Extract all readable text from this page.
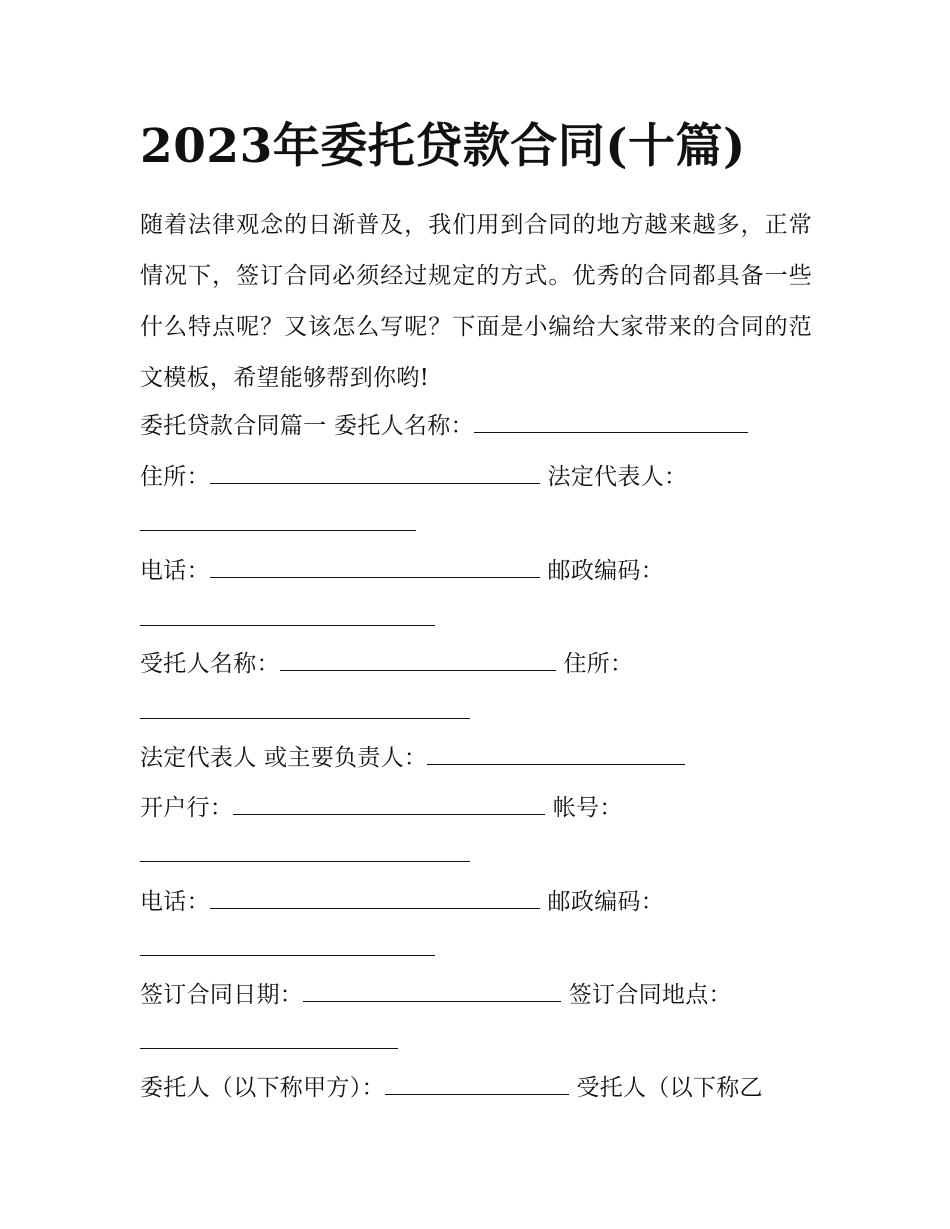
2023年委托贷款合同(十篇)
随着法律观念的日渐普及，我们用到合同的地方越来越多，正常情况下，签订合同必须经过规定的方式。优秀的合同都具备一些什么特点呢？又该怎么写呢？下面是小编给大家带来的合同的范文模板，希望能够帮到你哟!
委托贷款合同篇一 委托人名称：
住所：	法定代表人：
电话：	邮政编码：
受托人名称：	住所：
法定代表人 或主要负责人：
开户行：	帐号：
电话：	邮政编码：
签订合同日期：	签订合同地点：
委托人（以下称甲方）：	受托人（以下称乙
